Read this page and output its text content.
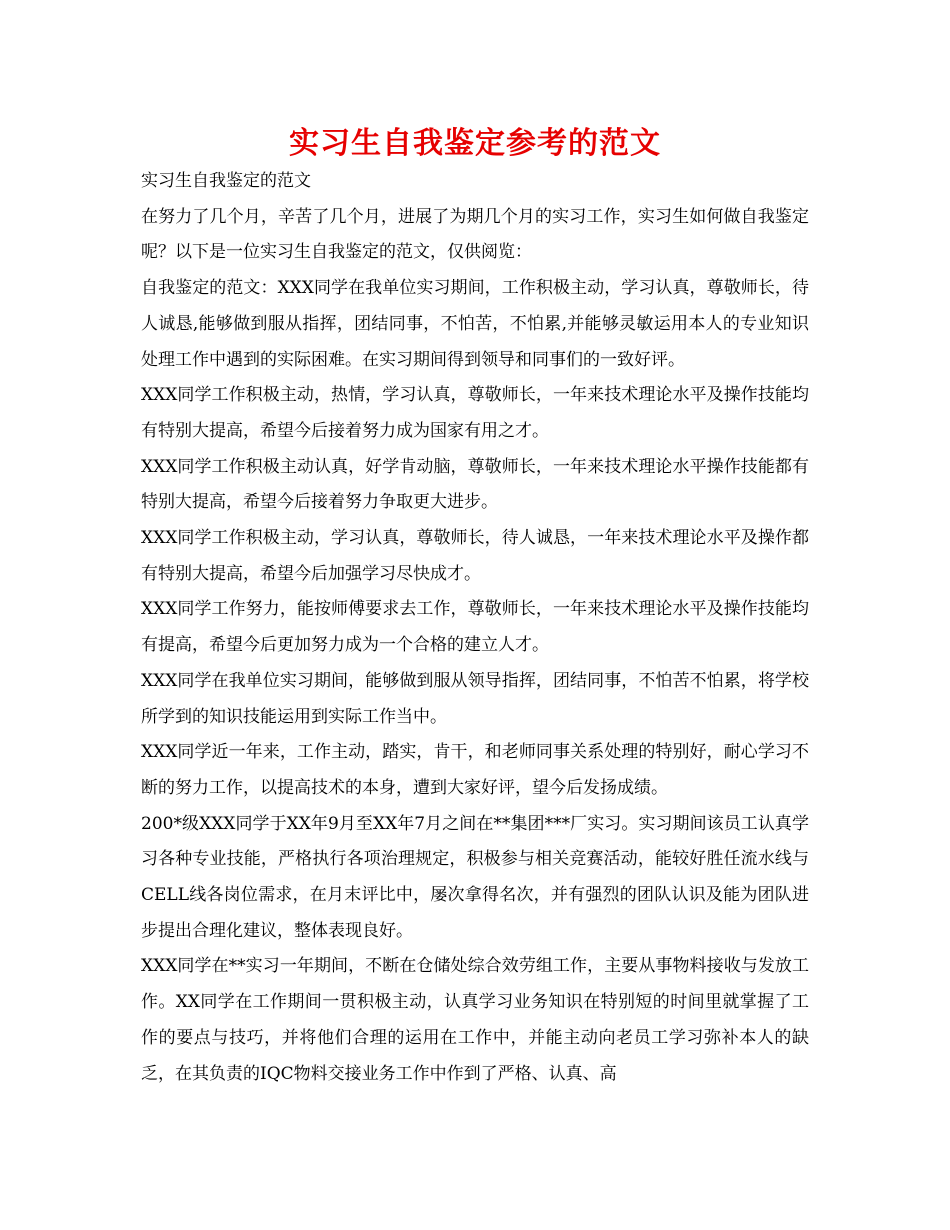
实习生自我鉴定参考的范文

实习生自我鉴定的范文

在努力了几个月，辛苦了几个月，进展了为期几个月的实习工作，实习生如何做自我鉴定呢？以下是一位实习生自我鉴定的范文，仅供阅览：

自我鉴定的范文：XXX同学在我单位实习期间，工作积极主动，学习认真，尊敬师长，待人诚恳,能够做到服从指挥，团结同事，不怕苦，不怕累,并能够灵敏运用本人的专业知识处理工作中遇到的实际困难。在实习期间得到领导和同事们的一致好评。

XXX同学工作积极主动，热情，学习认真，尊敬师长，一年来技术理论水平及操作技能均有特别大提高，希望今后接着努力成为国家有用之才。

XXX同学工作积极主动认真，好学肯动脑，尊敬师长，一年来技术理论水平操作技能都有特别大提高，希望今后接着努力争取更大进步。

XXX同学工作积极主动，学习认真，尊敬师长，待人诚恳，一年来技术理论水平及操作都有特别大提高，希望今后加强学习尽快成才。

XXX同学工作努力，能按师傅要求去工作，尊敬师长，一年来技术理论水平及操作技能均有提高，希望今后更加努力成为一个合格的建立人才。

XXX同学在我单位实习期间，能够做到服从领导指挥，团结同事，不怕苦不怕累，将学校所学到的知识技能运用到实际工作当中。

XXX同学近一年来，工作主动，踏实，肯干，和老师同事关系处理的特别好，耐心学习不断的努力工作，以提高技术的本身，遭到大家好评，望今后发扬成绩。

200*级XXX同学于XX年9月至XX年7月之间在**集团***厂实习。实习期间该员工认真学习各种专业技能，严格执行各项治理规定，积极参与相关竞赛活动，能较好胜任流水线与CELL线各岗位需求，在月末评比中，屡次拿得名次，并有强烈的团队认识及能为团队进步提出合理化建议，整体表现良好。

XXX同学在**实习一年期间，不断在仓储处综合效劳组工作，主要从事物料接收与发放工作。XX同学在工作期间一贯积极主动，认真学习业务知识在特别短的时间里就掌握了工作的要点与技巧，并将他们合理的运用在工作中，并能主动向老员工学习弥补本人的缺乏，在其负责的IQC物料交接业务工作中作到了严格、认真、高
